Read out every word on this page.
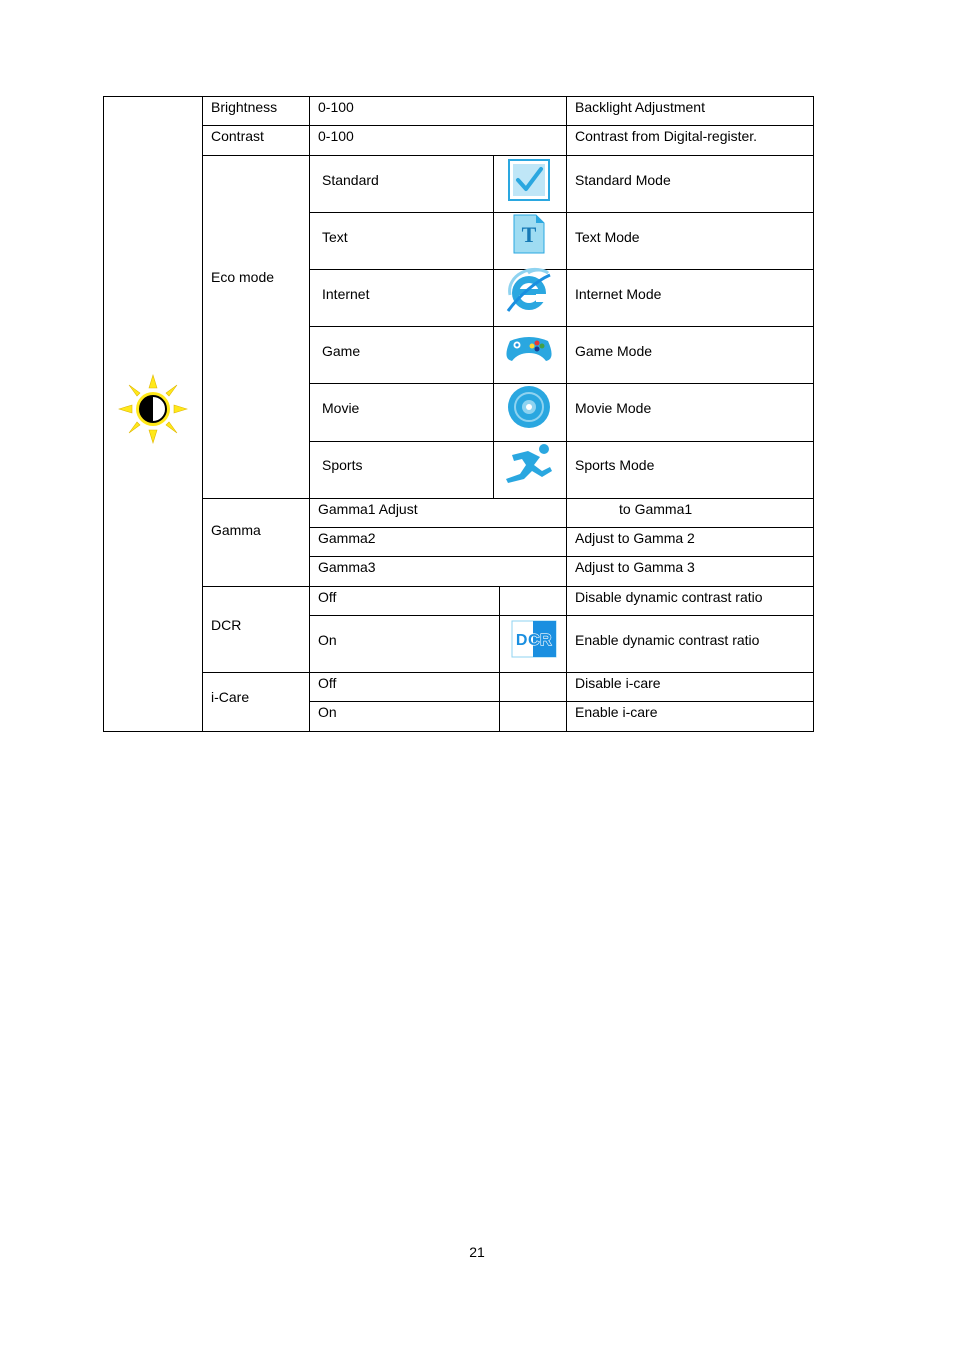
Brightness	0-100	Backlight Adjustment
Contrast	0-100	Contrast from Digital-register.
Eco mode
Standard	Standard Mode
Text	Text Mode
Internet	Internet Mode
Game	Game Mode
Movie	Movie Mode
Sports	Sports Mode
T
Gamma
Gamma1 Adjust	to Gamma1
Gamma2	Adjust to Gamma 2
Gamma3	Adjust to Gamma 3
DCR
Off	Disable dynamic contrast ratio
On	Enable dynamic contrast ratio
DCR
i-Care
Off	Disable i-care
On	Enable i-care
21
